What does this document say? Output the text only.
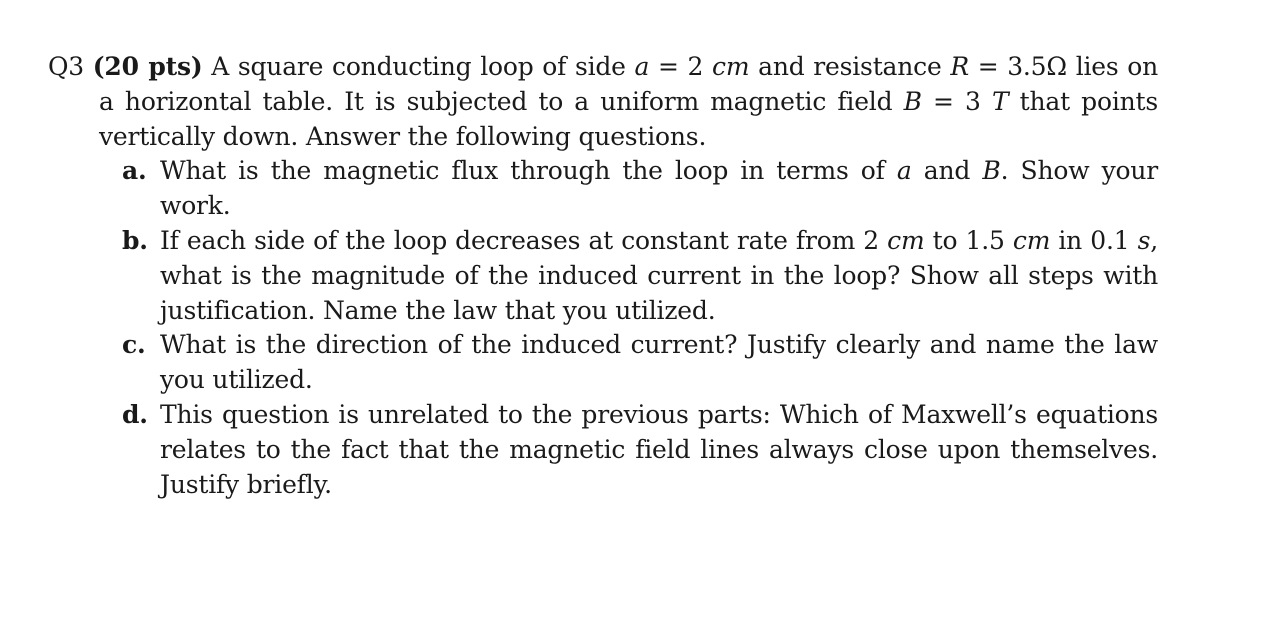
Q3 (20 pts) A square conducting loop of side a = 2 cm and resistance R = 3.5Ω lies on a horizontal table. It is subjected to a uniform magnetic field B = 3 T that points vertically down. Answer the following questions.

a. What is the magnetic flux through the loop in terms of a and B. Show your work.
b. If each side of the loop decreases at constant rate from 2 cm to 1.5 cm in 0.1 s, what is the magnitude of the induced current in the loop? Show all steps with justification. Name the law that you utilized.
c. What is the direction of the induced current? Justify clearly and name the law you utilized.
d. This question is unrelated to the previous parts: Which of Maxwell’s equations relates to the fact that the magnetic field lines always close upon themselves. Justify briefly.
